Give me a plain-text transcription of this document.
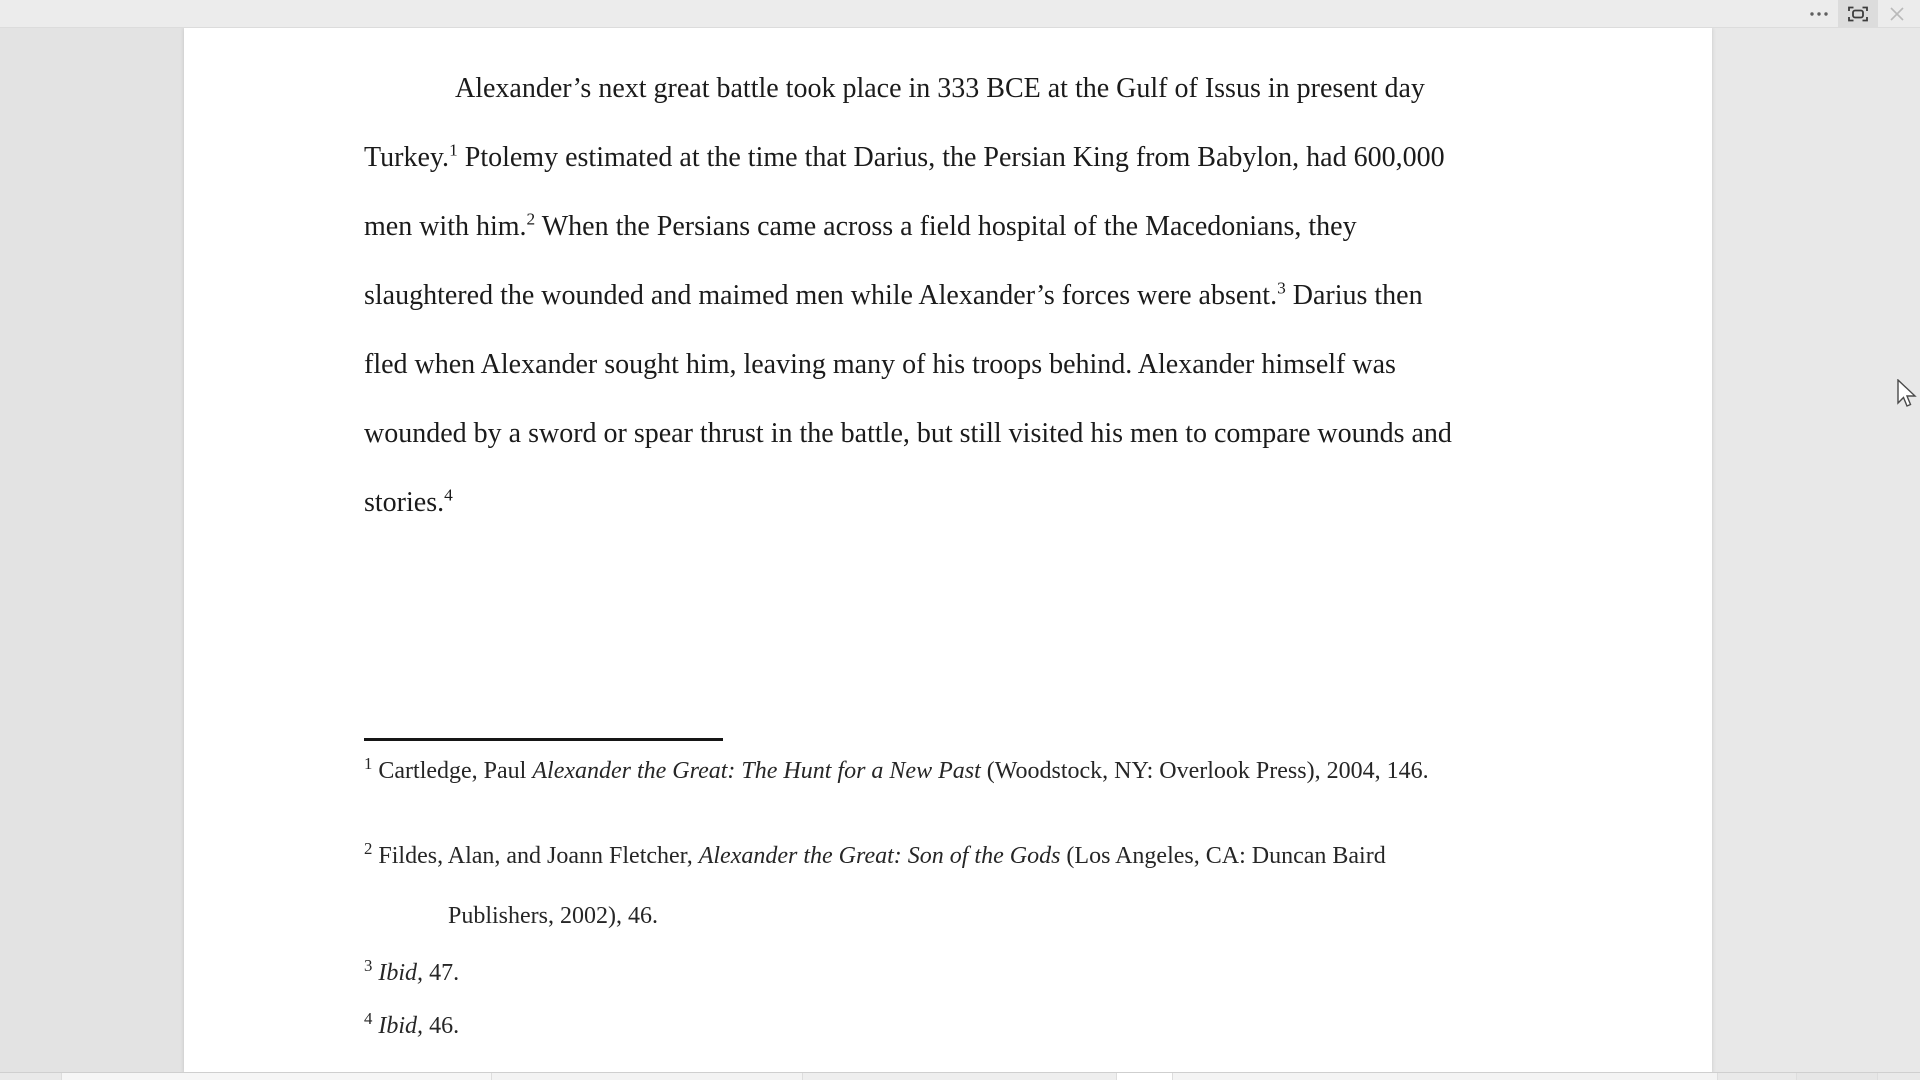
Alexander’s next great battle took place in 333 BCE at the Gulf of Issus in present day
Turkey.$^1$ Ptolemy estimated at the time that Darius, the Persian King from Babylon, had 600,000
men with him.$^2$ When the Persians came across a field hospital of the Macedonians, they
slaughtered the wounded and maimed men while Alexander’s forces were absent.$^3$ Darius then
fled when Alexander sought him, leaving many of his troops behind. Alexander himself was
wounded by a sword or spear thrust in the battle, but still visited his men to compare wounds and
stories.$^4$
$^1$ Cartledge, Paul Alexander the Great: The Hunt for a New Past (Woodstock, NY: Overlook Press), 2004, 146.
$^2$ Fildes, Alan, and Joann Fletcher, Alexander the Great: Son of the Gods (Los Angeles, CA: Duncan Baird
Publishers, 2002), 46.
$^3$ Ibid, 47.
$^4$ Ibid, 46.
